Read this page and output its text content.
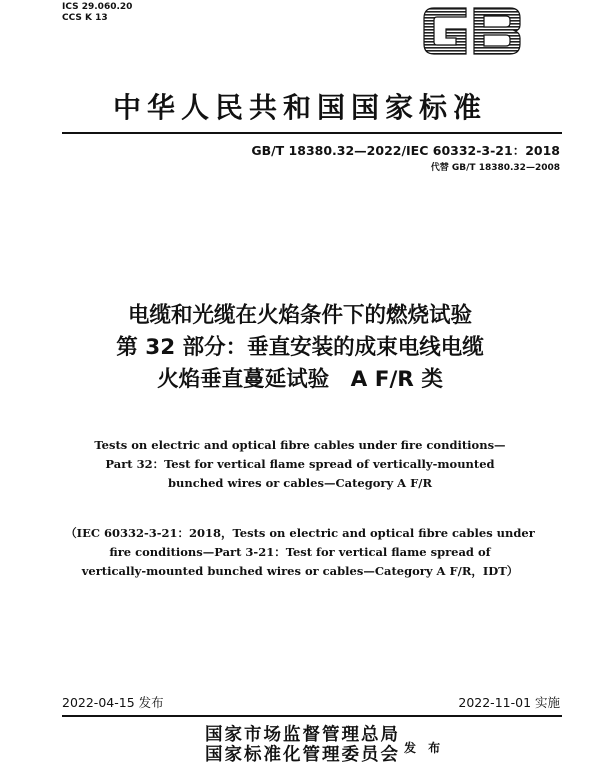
ICS 29.060.20
CCS K 13
中华人民共和国国家标准
GB/T 18380.32—2022/IEC 60332-3-21：2018
代替 GB/T 18380.32—2008
电缆和光缆在火焰条件下的燃烧试验
第 32 部分：垂直安装的成束电线电缆
火焰垂直蔓延试验　A F/R 类
Tests on electric and optical fibre cables under fire conditions—
Part 32：Test for vertical flame spread of vertically-mounted
bunched wires or cables—Category A F/R
（IEC 60332-3-21：2018，Tests on electric and optical fibre cables under
fire conditions—Part 3-21：Test for vertical flame spread of
vertically-mounted bunched wires or cables—Category A F/R，IDT）
2022-04-15 发布	2022-11-01 实施
国家市场监督管理总局
国家标准化管理委员会 发 布
